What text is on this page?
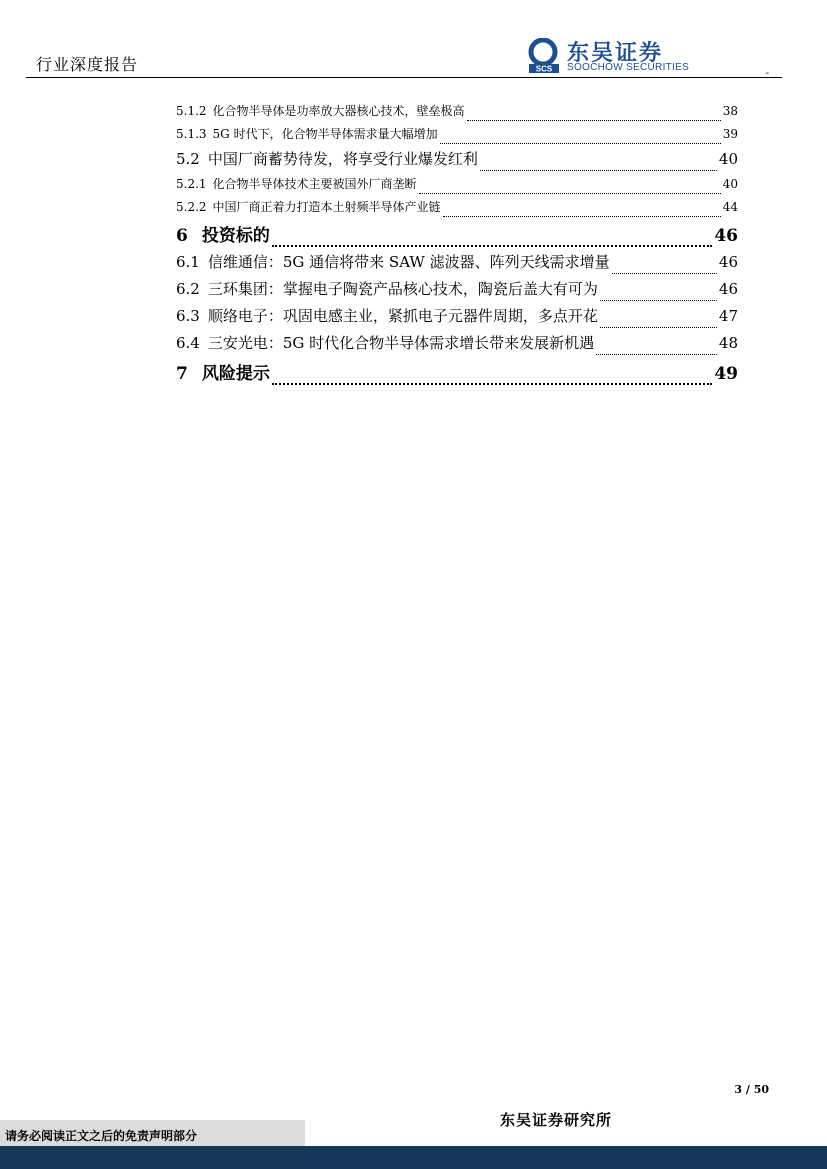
行业深度报告	SCS
东吴证券
SOOCHOW SECURITIES
-
5.1.2 化合物半导体是功率放大器核心技术，壁垒极高	38
5.1.3 5G 时代下，化合物半导体需求量大幅增加	39
5.2 中国厂商蓄势待发，将享受行业爆发红利	40
5.2.1 化合物半导体技术主要被国外厂商垄断	40
5.2.2 中国厂商正着力打造本土射频半导体产业链	44
6 投资标的	46
6.1 信维通信：5G 通信将带来 SAW 滤波器、阵列天线需求增量	46
6.2 三环集团：掌握电子陶瓷产品核心技术，陶瓷后盖大有可为	46
6.3 顺络电子：巩固电感主业，紧抓电子元器件周期，多点开花	47
6.4 三安光电：5G 时代化合物半导体需求增长带来发展新机遇	48
7 风险提示	49
3 / 50
东吴证券研究所
请务必阅读正文之后的免责声明部分
